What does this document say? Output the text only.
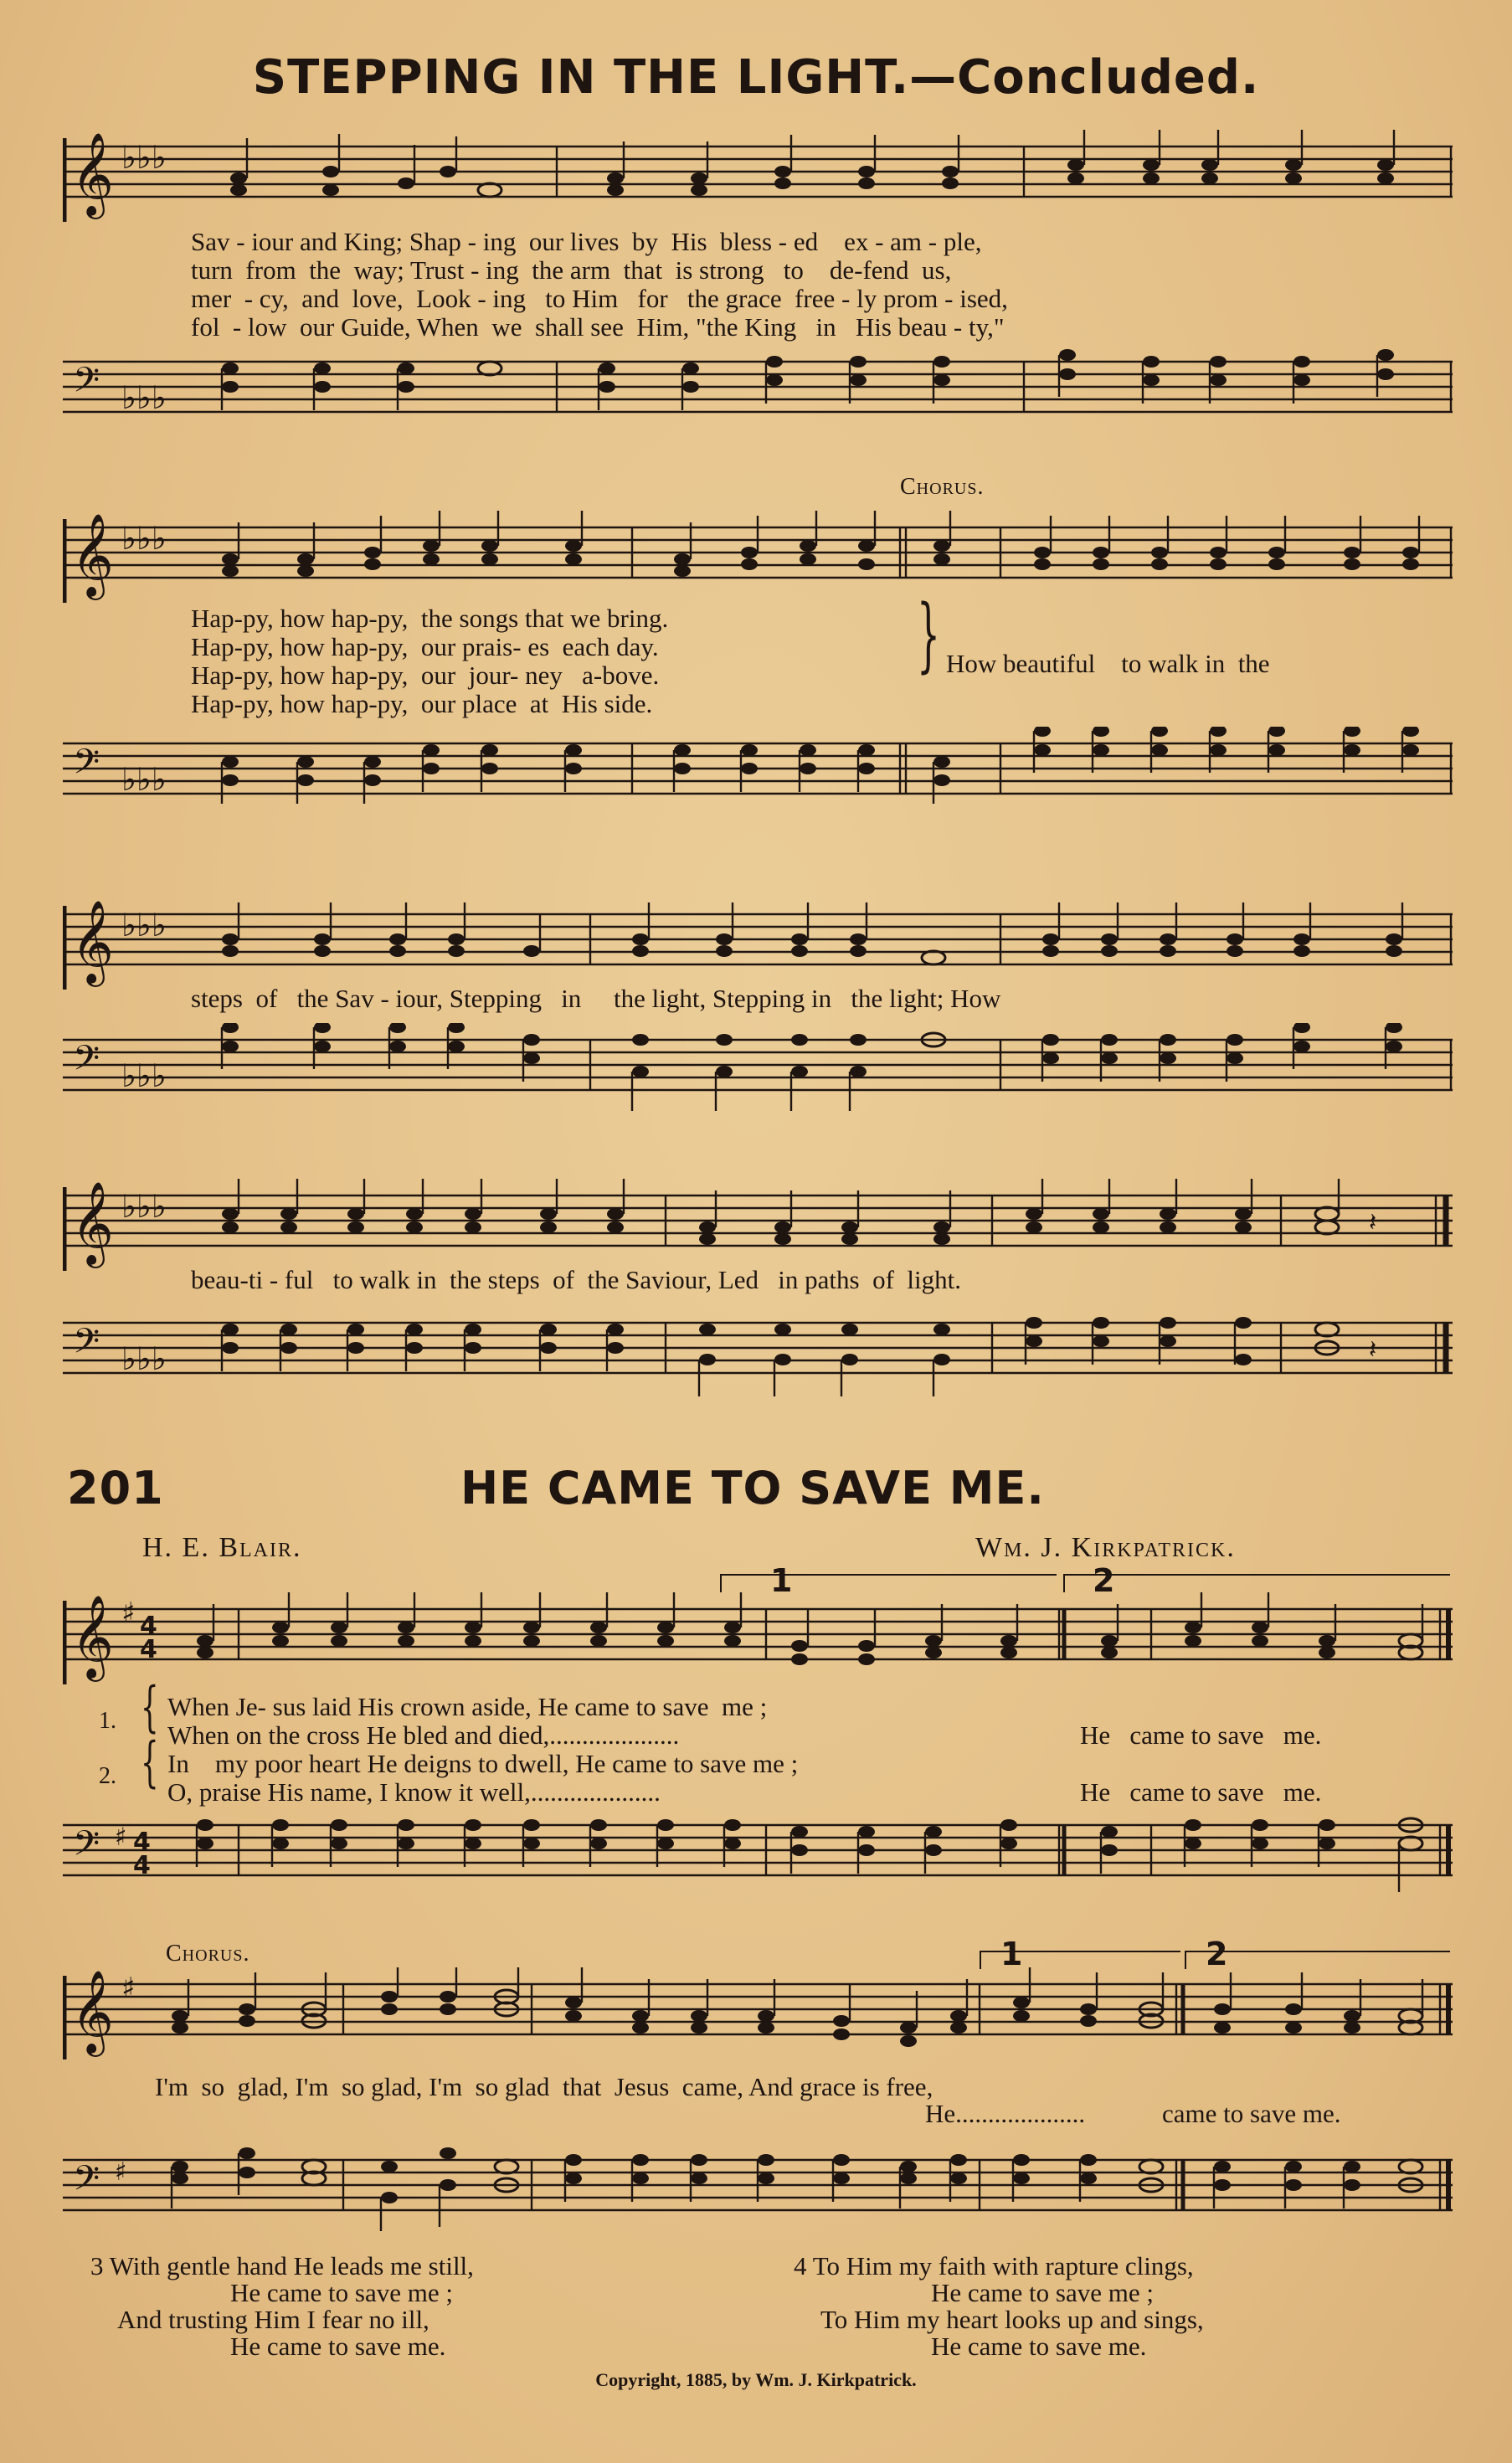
STEPPING IN THE LIGHT.—Concluded.
𝄞 ♭♭♭
Sav - iour and King; Shap - ing  our lives  by  His  bless - ed    ex - am - ple,
turn  from  the  way; Trust - ing  the arm  that  is strong   to    de-fend  us,
mer  - cy,  and  love,  Look - ing   to Him   for   the grace  free - ly prom - ised,
fol  - low  our Guide, When  we  shall see  Him, "the King   in   His beau - ty,"
𝄢 ♭♭♭
Chorus.
𝄞 ♭♭♭
Hap-py, how hap-py,  the songs that we bring.
Hap-py, how hap-py,  our prais- es  each day.
Hap-py, how hap-py,  our  jour- ney   a-bove.
Hap-py, how hap-py,  our place  at  His side.
} How beautiful    to walk in  the
𝄢 ♭♭♭
𝄞 ♭♭♭
steps  of   the Sav - iour, Stepping   in     the light, Stepping in   the light; How
𝄢 ♭♭♭
𝄞 ♭♭♭	𝄽
beau-ti - ful   to walk in  the steps  of  the Saviour, Led   in paths  of  light.
𝄢 ♭♭♭	𝄽
201	HE CAME TO SAVE ME.
H. E. Blair.	Wm. J. Kirkpatrick.
1	2
𝄞 ♯ 4
4
1.
2.
{
{
When Je- sus laid His crown aside, He came to save  me ;
When on the cross He bled and died,....................	He   came to save   me.
In    my poor heart He deigns to dwell, He came to save me ;
O, praise His name, I know it well,....................	He   came to save   me.
𝄢 ♯ 4
4
Chorus.	1	2
𝄞 ♯
I'm  so  glad, I'm  so glad, I'm  so glad  that  Jesus  came, And grace is free,
He....................	came to save me.
𝄢 ♯
3 With gentle hand He leads me still,
He came to save me ;
And trusting Him I fear no ill,
He came to save me.
4 To Him my faith with rapture clings,
He came to save me ;
To Him my heart looks up and sings,
He came to save me.
Copyright, 1885, by Wm. J. Kirkpatrick.
